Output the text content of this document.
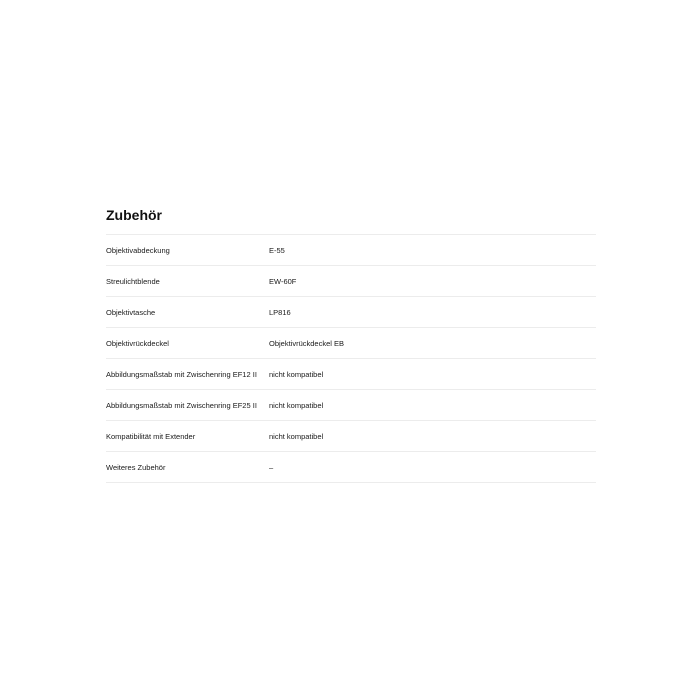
Zubehör
Objektivabdeckung	E-55
Streulichtblende	EW-60F
Objektivtasche	LP816
Objektivrückdeckel	Objektivrückdeckel EB
Abbildungsmaßstab mit Zwischenring EF12 II	nicht kompatibel
Abbildungsmaßstab mit Zwischenring EF25 II	nicht kompatibel
Kompatibilität mit Extender	nicht kompatibel
Weiteres Zubehör	–
